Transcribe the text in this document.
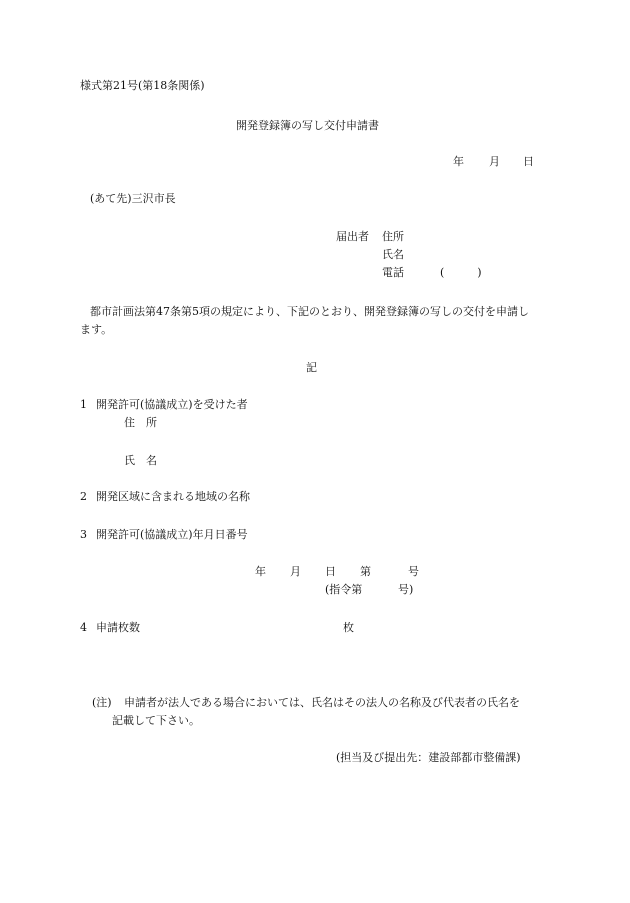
様式第21号(第18条関係)
開発登録簿の写し交付申請書
年 月 日
(あて先)三沢市長
届出者 住所
氏名
電話	(　　　)
都市計画法第47条第5項の規定により、下記のとおり、開発登録簿の写しの交付を申請し
ます。
記
1 開発許可(協議成立)を受けた者
住　所
氏　名
2 開発区域に含まれる地域の名称
3 開発許可(協議成立)年月日番号
年 月 日 第	号
(指令第	号)
4 申請枚数	枚
(注) 申請者が法人である場合においては、氏名はその法人の名称及び代表者の氏名を
記載して下さい。
(担当及び提出先：建設部都市整備課)
